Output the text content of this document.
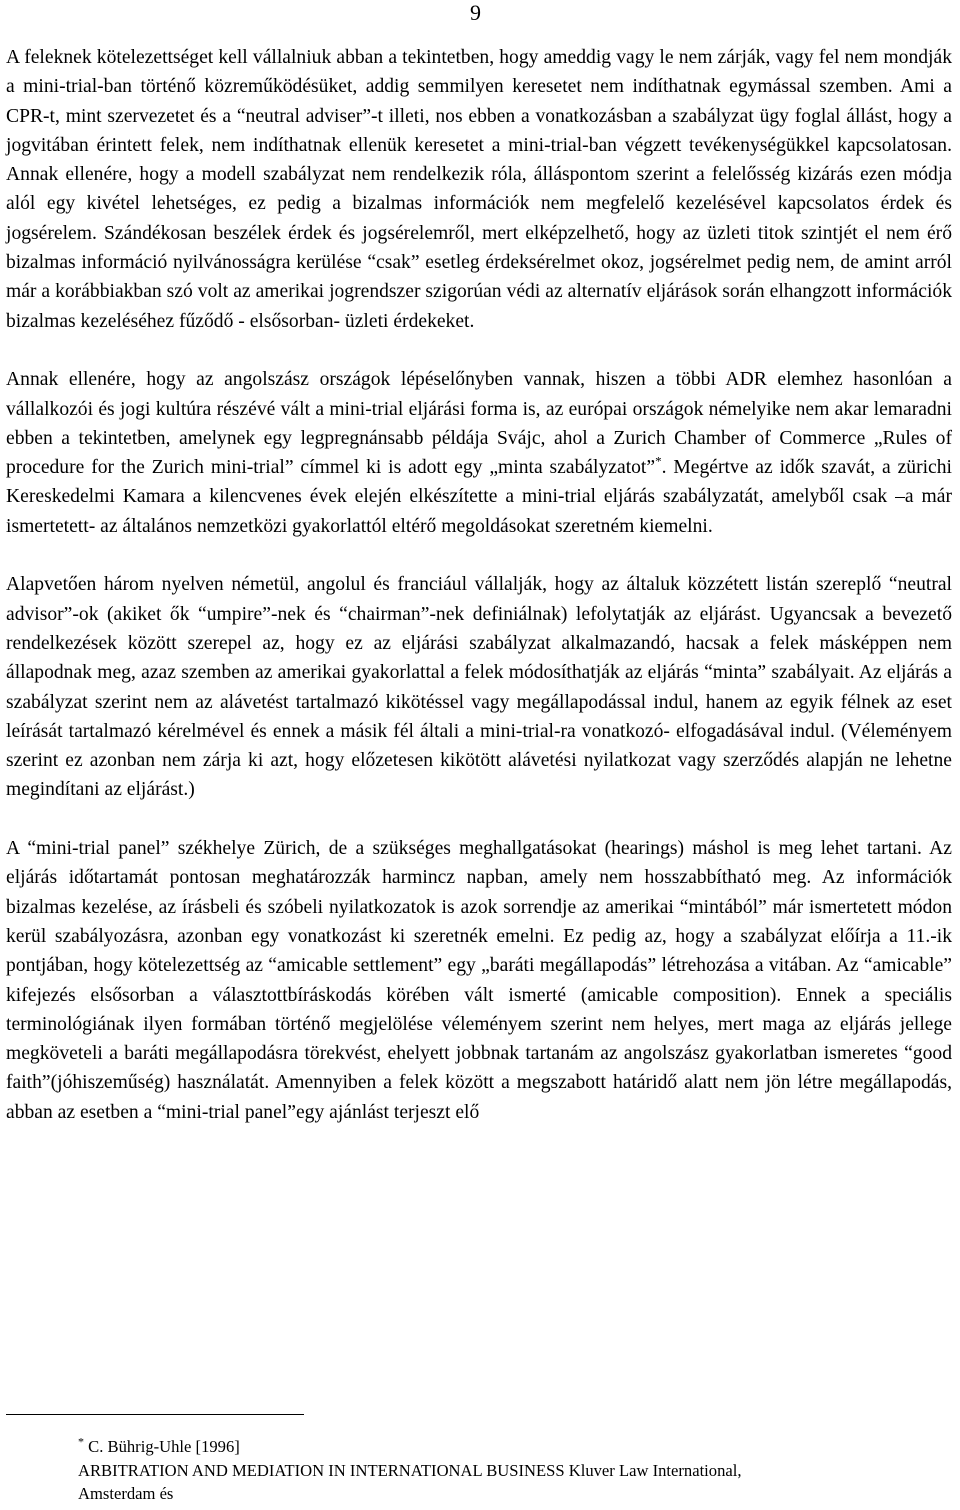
9

A feleknek kötelezettséget kell vállalniuk abban a tekintetben, hogy ameddig vagy le nem zárják, vagy fel nem mondják a mini-trial-ban történő közreműködésüket, addig semmilyen keresetet nem indíthatnak egymással szemben. Ami a CPR-t, mint szervezetet és a “neutral adviser”-t illeti, nos ebben a vonatkozásban a szabályzat ügy foglal állást, hogy a jogvitában érintett felek, nem indíthatnak ellenük keresetet a mini-trial-ban végzett tevékenységükkel kapcsolatosan. Annak ellenére, hogy a modell szabályzat nem rendelkezik róla, álláspontom szerint a felelősség kizárás ezen módja alól egy kivétel lehetséges, ez pedig a bizalmas információk nem megfelelő kezelésével kapcsolatos érdek és jogsérelem. Szándékosan beszélek érdek és jogsérelemről, mert elképzelhető, hogy az üzleti titok szintjét el nem érő bizalmas információ nyilvánosságra kerülése “csak” esetleg érdeksérelmet okoz, jogsérelmet pedig nem, de amint arról már a korábbiakban szó volt az amerikai jogrendszer szigorúan védi az alternatív eljárások során elhangzott információk bizalmas kezeléséhez fűződő - elsősorban- üzleti érdekeket.

Annak ellenére, hogy az angolszász országok lépéselőnyben vannak, hiszen a többi ADR elemhez hasonlóan a vállalkozói és jogi kultúra részévé vált a mini-trial eljárási forma is, az európai országok némelyike nem akar lemaradni ebben a tekintetben, amelynek egy legpregnánsabb példája Svájc, ahol a Zurich Chamber of Commerce „Rules of procedure for the Zurich mini-trial” címmel ki is adott egy „minta szabályzatot”*. Megértve az idők szavát, a zürichi Kereskedelmi Kamara a kilencvenes évek elején elkészítette a mini-trial eljárás szabályzatát, amelyből csak –a már ismertetett- az általános nemzetközi gyakorlattól eltérő megoldásokat szeretném kiemelni.

Alapvetően három nyelven németül, angolul és franciául vállalják, hogy az általuk közzétett listán szereplő “neutral advisor”-ok (akiket ők “umpire”-nek és “chairman”-nek definiálnak) lefolytatják az eljárást. Ugyancsak a bevezető rendelkezések között szerepel az, hogy ez az eljárási szabályzat alkalmazandó, hacsak a felek másképpen nem állapodnak meg, azaz szemben az amerikai gyakorlattal a felek módosíthatják az eljárás “minta” szabályait. Az eljárás a szabályzat szerint nem az alávetést tartalmazó kikötéssel vagy megállapodással indul, hanem az egyik félnek az eset leírását tartalmazó kérelmével és ennek a másik fél általi a mini-trial-ra vonatkozó- elfogadásával indul. (Véleményem szerint ez azonban nem zárja ki azt, hogy előzetesen kikötött alávetési nyilatkozat vagy szerződés alapján ne lehetne megindítani az eljárást.)

A “mini-trial panel” székhelye Zürich, de a szükséges meghallgatásokat (hearings) máshol is meg lehet tartani. Az eljárás időtartamát pontosan meghatározzák harmincz napban, amely nem hosszabbítható meg. Az információk bizalmas kezelése, az írásbeli és szóbeli nyilatkozatok is azok sorrendje az amerikai “mintából” már ismertetett módon kerül szabályozásra, azonban egy vonatkozást ki szeretnék emelni. Ez pedig az, hogy a szabályzat előírja a 11.-ik pontjában, hogy kötelezettség az “amicable settlement” egy „baráti megállapodás” létrehozása a vitában. Az “amicable” kifejezés elsősorban a választottbíráskodás körében vált ismerté (amicable composition). Ennek a speciális terminológiának ilyen formában történő megjelölése véleményem szerint nem helyes, mert maga az eljárás jellege megköveteli a baráti megállapodásra törekvést, ehelyett jobbnak tartanám az angolszász gyakorlatban ismeretes “good faith”(jóhiszeműség) használatát. Amennyiben a felek között a megszabott határidő alatt nem jön létre megállapodás, abban az esetben a “mini-trial panel”egy ajánlást terjeszt elő

* C. Bührig-Uhle [1996]
ARBITRATION AND MEDIATION IN INTERNATIONAL BUSINESS Kluver Law International,
Amsterdam és
